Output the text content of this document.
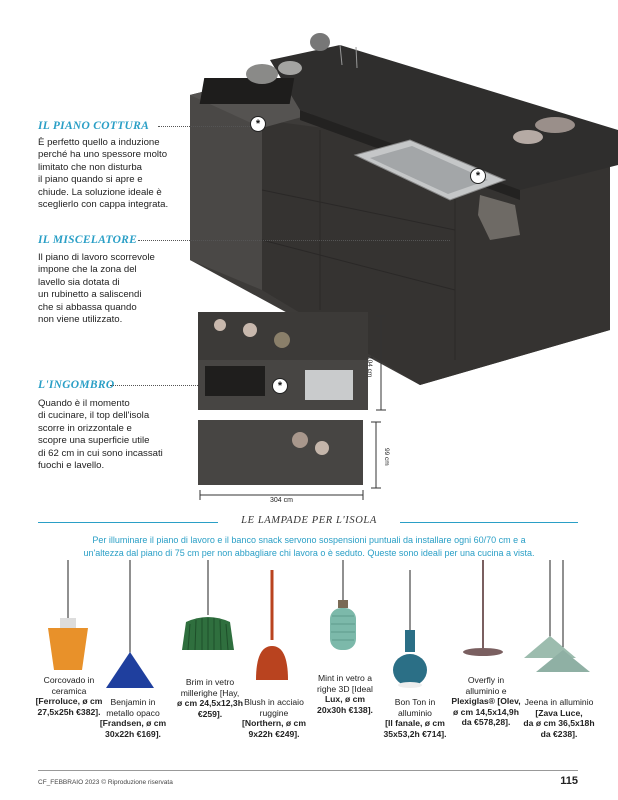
104 cm
99 cm
304 cm
*
*
*
IL PIANO COTTURA
È perfetto quello a induzione
perché ha uno spessore molto
limitato che non disturba
il piano quando si apre e
chiude. La soluzione ideale è
sceglierlo con cappa integrata.
IL MISCELATORE
Il piano di lavoro scorrevole
impone che la zona del
lavello sia dotata di
un rubinetto a saliscendi
che si abbassa quando
non viene utilizzato.
L'INGOMBRO
Quando è il momento
di cucinare, il top dell'isola
scorre in orizzontale e
scopre una superficie utile
di 62 cm in cui sono incassati
fuochi e lavello.
LE LAMPADE PER L'ISOLA
Per illuminare il piano di lavoro e il banco snack servono sospensioni puntuali da installare ogni 60/70 cm e a
un'altezza dal piano di 75 cm per non abbagliare chi lavora o è seduto. Queste sono ideali per una cucina a vista.
Corcovado in
ceramica
[Ferroluce, ø cm
27,5x25h €382].
Benjamin in
metallo opaco
[Frandsen, ø cm
30x22h €169].
Brim in vetro
millerighe [Hay,
ø cm 24,5x12,3h
€259].
Blush in acciaio
ruggine
[Northern, ø cm
9x22h €249].
Mint in vetro a
righe 3D [Ideal
Lux, ø cm
20x30h €138].
Bon Ton in
alluminio
[Il fanale, ø cm
35x53,2h €714].
Overfly in
alluminio e
Plexiglas® [Olev,
ø cm 14,5x14,9h
da €578,28].
Jeena in alluminio
[Zava Luce,
da ø cm 36,5x18h
da €238].
CF_FEBBRAIO 2023 © Riproduzione riservata	115
